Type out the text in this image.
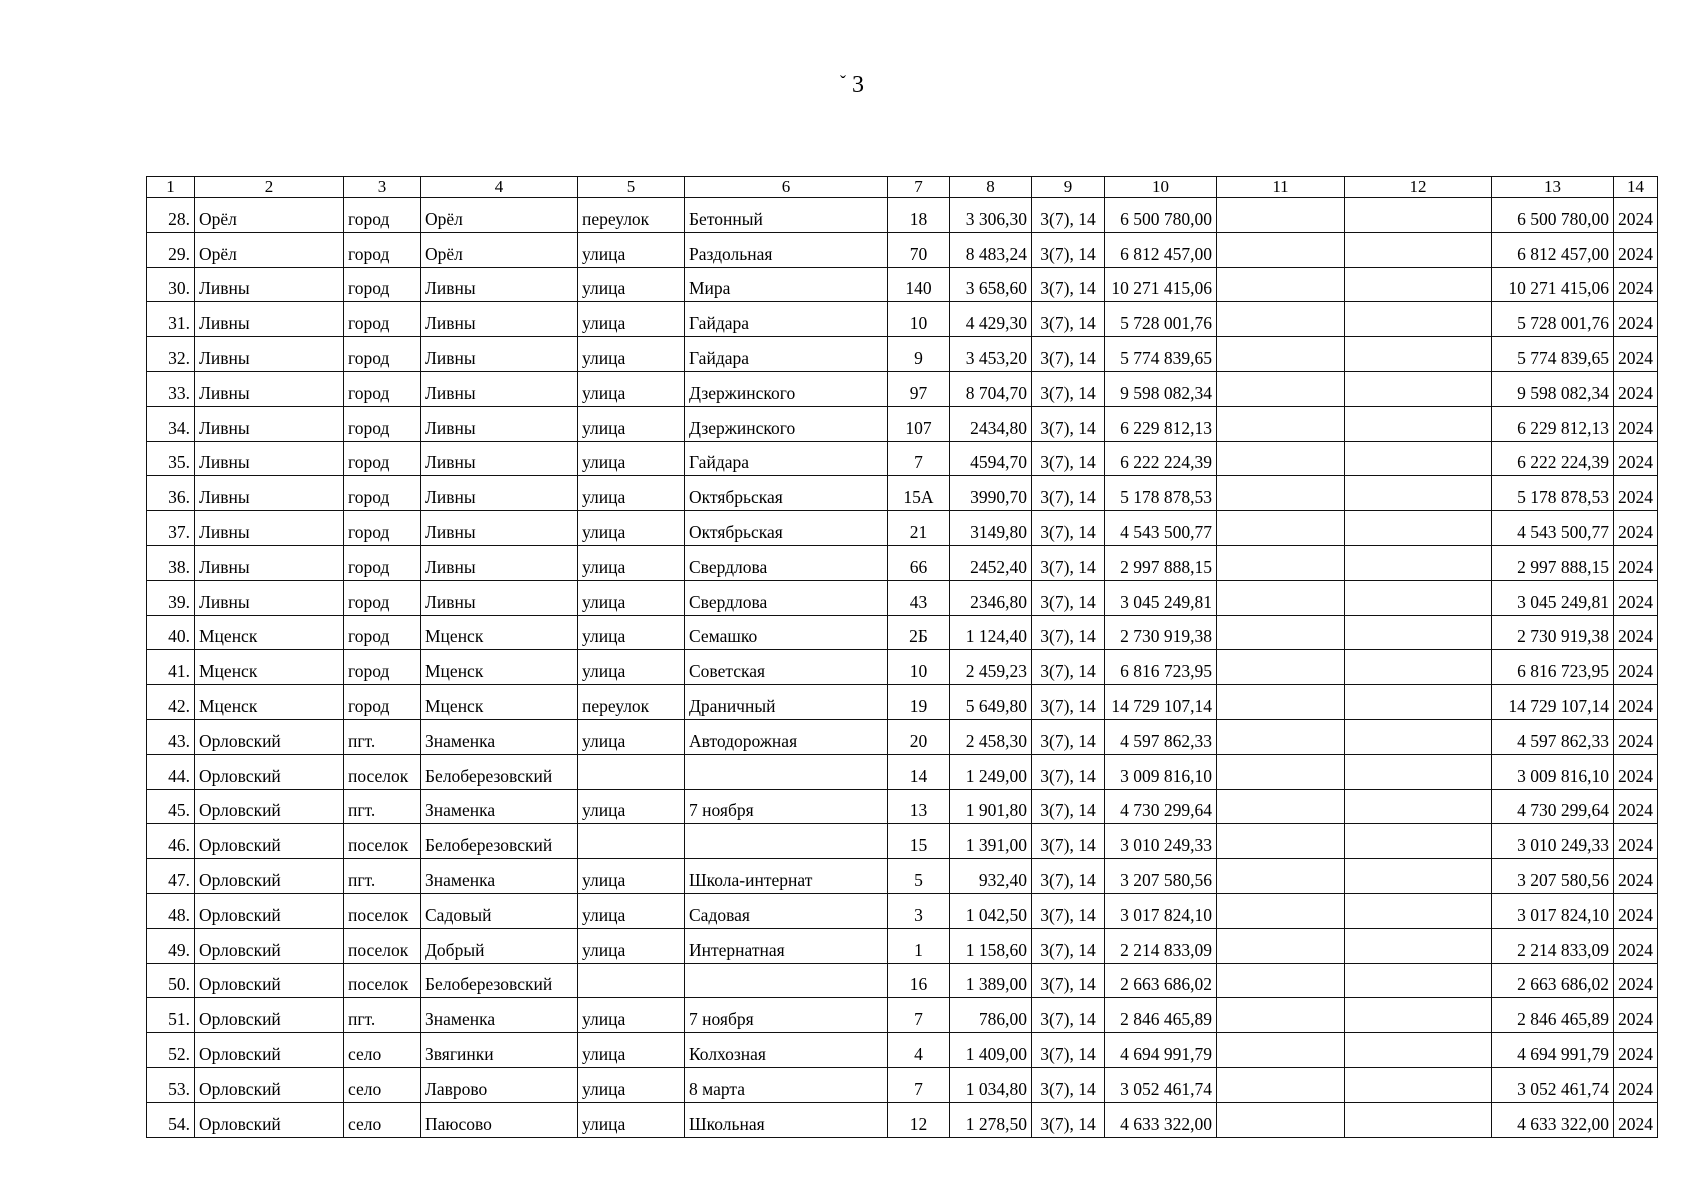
$^ˇ$ 3
1	2	3	4	5	6	7	8	9	10	11	12	13	14
28.	Орёл	город	Орёл	переулок	Бетонный	18	3 306,30	3(7), 14	6 500 780,00			6 500 780,00	2024
29.	Орёл	город	Орёл	улица	Раздольная	70	8 483,24	3(7), 14	6 812 457,00			6 812 457,00	2024
30.	Ливны	город	Ливны	улица	Мира	140	3 658,60	3(7), 14	10 271 415,06			10 271 415,06	2024
31.	Ливны	город	Ливны	улица	Гайдара	10	4 429,30	3(7), 14	5 728 001,76			5 728 001,76	2024
32.	Ливны	город	Ливны	улица	Гайдара	9	3 453,20	3(7), 14	5 774 839,65			5 774 839,65	2024
33.	Ливны	город	Ливны	улица	Дзержинского	97	8 704,70	3(7), 14	9 598 082,34			9 598 082,34	2024
34.	Ливны	город	Ливны	улица	Дзержинского	107	2434,80	3(7), 14	6 229 812,13			6 229 812,13	2024
35.	Ливны	город	Ливны	улица	Гайдара	7	4594,70	3(7), 14	6 222 224,39			6 222 224,39	2024
36.	Ливны	город	Ливны	улица	Октябрьская	15А	3990,70	3(7), 14	5 178 878,53			5 178 878,53	2024
37.	Ливны	город	Ливны	улица	Октябрьская	21	3149,80	3(7), 14	4 543 500,77			4 543 500,77	2024
38.	Ливны	город	Ливны	улица	Свердлова	66	2452,40	3(7), 14	2 997 888,15			2 997 888,15	2024
39.	Ливны	город	Ливны	улица	Свердлова	43	2346,80	3(7), 14	3 045 249,81			3 045 249,81	2024
40.	Мценск	город	Мценск	улица	Семашко	2Б	1 124,40	3(7), 14	2 730 919,38			2 730 919,38	2024
41.	Мценск	город	Мценск	улица	Советская	10	2 459,23	3(7), 14	6 816 723,95			6 816 723,95	2024
42.	Мценск	город	Мценск	переулок	Драничный	19	5 649,80	3(7), 14	14 729 107,14			14 729 107,14	2024
43.	Орловский	пгт.	Знаменка	улица	Автодорожная	20	2 458,30	3(7), 14	4 597 862,33			4 597 862,33	2024
44.	Орловский	поселок	Белоберезовский			14	1 249,00	3(7), 14	3 009 816,10			3 009 816,10	2024
45.	Орловский	пгт.	Знаменка	улица	7 ноября	13	1 901,80	3(7), 14	4 730 299,64			4 730 299,64	2024
46.	Орловский	поселок	Белоберезовский			15	1 391,00	3(7), 14	3 010 249,33			3 010 249,33	2024
47.	Орловский	пгт.	Знаменка	улица	Школа-интернат	5	932,40	3(7), 14	3 207 580,56			3 207 580,56	2024
48.	Орловский	поселок	Садовый	улица	Садовая	3	1 042,50	3(7), 14	3 017 824,10			3 017 824,10	2024
49.	Орловский	поселок	Добрый	улица	Интернатная	1	1 158,60	3(7), 14	2 214 833,09			2 214 833,09	2024
50.	Орловский	поселок	Белоберезовский			16	1 389,00	3(7), 14	2 663 686,02			2 663 686,02	2024
51.	Орловский	пгт.	Знаменка	улица	7 ноября	7	786,00	3(7), 14	2 846 465,89			2 846 465,89	2024
52.	Орловский	село	Звягинки	улица	Колхозная	4	1 409,00	3(7), 14	4 694 991,79			4 694 991,79	2024
53.	Орловский	село	Лаврово	улица	8 марта	7	1 034,80	3(7), 14	3 052 461,74			3 052 461,74	2024
54.	Орловский	село	Паюсово	улица	Школьная	12	1 278,50	3(7), 14	4 633 322,00			4 633 322,00	2024
